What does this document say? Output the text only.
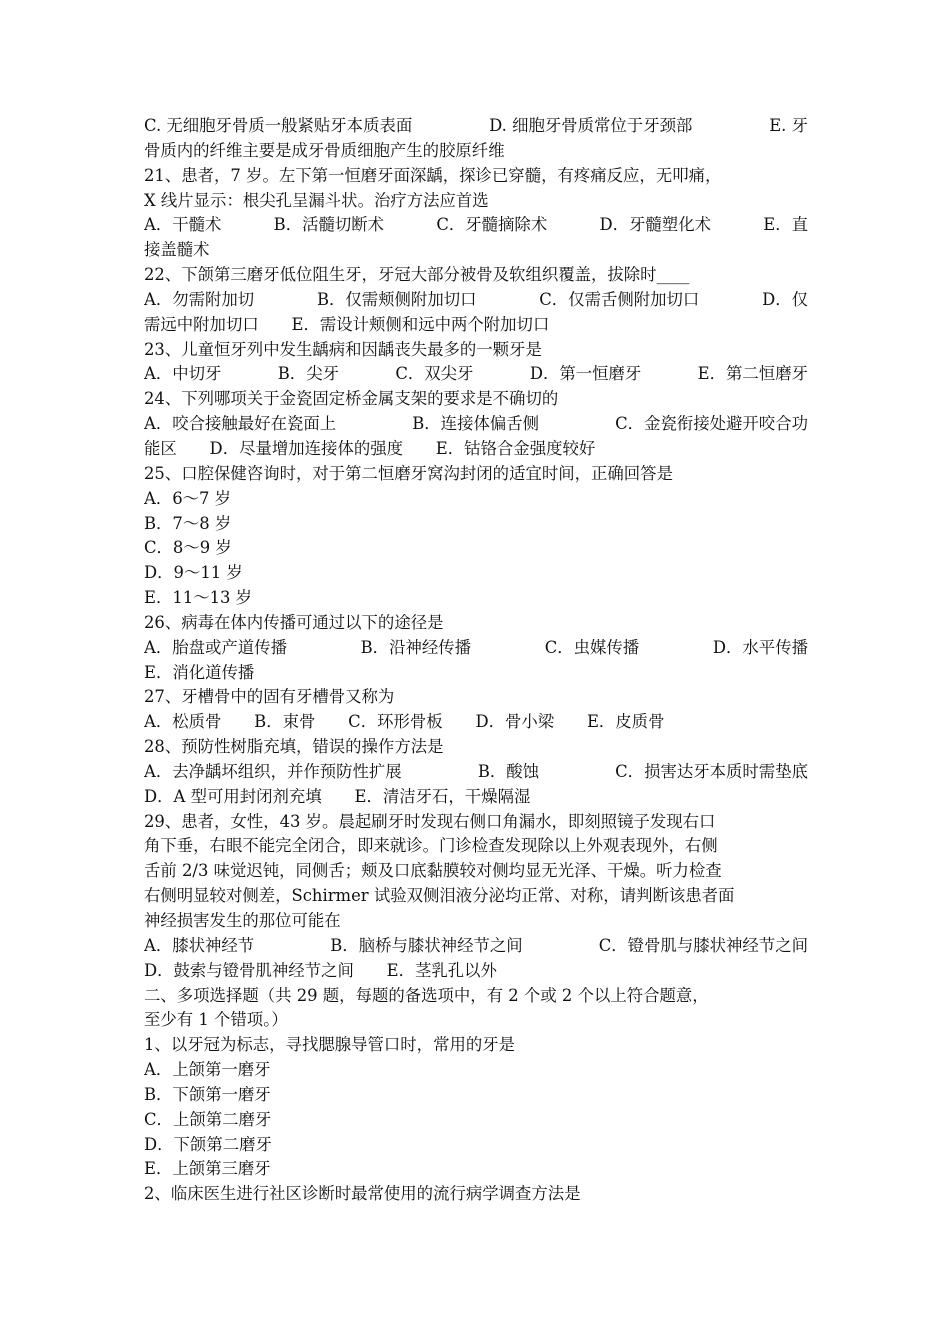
C. 无细胞牙骨质一般紧贴牙本质表面	D. 细胞牙骨质常位于牙颈部	E. 牙
骨质内的纤维主要是成牙骨质细胞产生的胶原纤维
21、患者，7 岁。左下第一恒磨牙面深龋，探诊已穿髓，有疼痛反应，无叩痛，
X 线片显示：根尖孔呈漏斗状。治疗方法应首选
A．干髓术	B．活髓切断术	C．牙髓摘除术	D．牙髓塑化术	E．直
接盖髓术
22、下颌第三磨牙低位阻生牙，牙冠大部分被骨及软组织覆盖，拔除时____
A．勿需附加切	B．仅需颊侧附加切口	C．仅需舌侧附加切口	D．仅
需远中附加切口　　E．需设计颊侧和远中两个附加切口
23、儿童恒牙列中发生龋病和因龋丧失最多的一颗牙是
A．中切牙	B．尖牙	C．双尖牙	D．第一恒磨牙	E．第二恒磨牙
24、下列哪项关于金瓷固定桥金属支架的要求是不确切的
A．咬合接触最好在瓷面上	B．连接体偏舌侧	C．金瓷衔接处避开咬合功
能区　　D．尽量增加连接体的强度　　E．钴铬合金强度较好
25、口腔保健咨询时，对于第二恒磨牙窝沟封闭的适宜时间，正确回答是
A．6～7 岁
B．7～8 岁
C．8～9 岁
D．9～11 岁
E．11～13 岁
26、病毒在体内传播可通过以下的途径是
A．胎盘或产道传播	B．沿神经传播	C．虫媒传播	D．水平传播
E．消化道传播
27、牙槽骨中的固有牙槽骨又称为
A．松质骨　　B．束骨　　C．环形骨板　　D．骨小梁　　E．皮质骨
28、预防性树脂充填，错误的操作方法是
A．去净龋坏组织，并作预防性扩展	B．酸蚀	C．损害达牙本质时需垫底
D．A 型可用封闭剂充填　　E．清洁牙石，干燥隔湿
29、患者，女性，43 岁。晨起刷牙时发现右侧口角漏水，即刻照镜子发现右口
角下垂，右眼不能完全闭合，即来就诊。门诊检查发现除以上外观表现外，右侧
舌前 2/3 味觉迟钝，同侧舌；颊及口底黏膜较对侧均显无光泽、干燥。听力检查
右侧明显较对侧差，Schirmer 试验双侧泪液分泌均正常、对称，请判断该患者面
神经损害发生的那位可能在
A．膝状神经节	B．脑桥与膝状神经节之间	C．镫骨肌与膝状神经节之间
D．鼓索与镫骨肌神经节之间　　E．茎乳孔以外
二、多项选择题（共 29 题，每题的备选项中，有 2 个或 2 个以上符合题意，
至少有 1 个错项。）
1、以牙冠为标志，寻找腮腺导管口时，常用的牙是
A．上颌第一磨牙
B．下颌第一磨牙
C．上颌第二磨牙
D．下颌第二磨牙
E．上颌第三磨牙
2、临床医生进行社区诊断时最常使用的流行病学调查方法是
